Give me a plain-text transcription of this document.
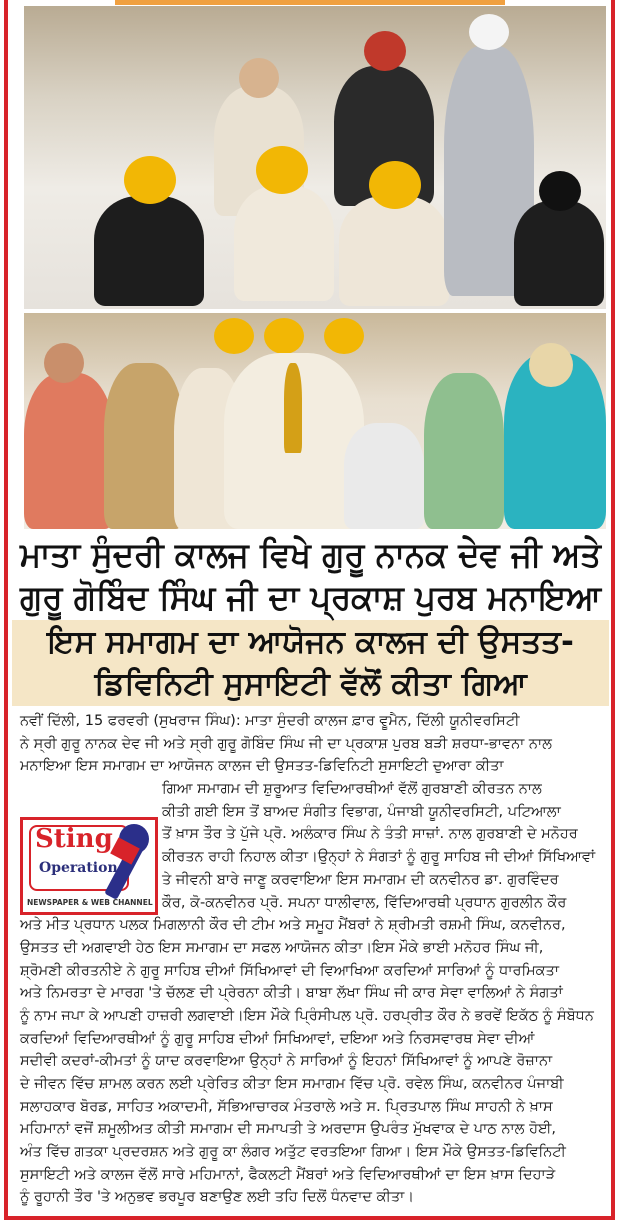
ਮਾਤਾ ਸੁੰਦਰੀ ਕਾਲਜ ਵਿਖੇ ਗੁਰੂ ਨਾਨਕ ਦੇਵ ਜੀ ਅਤੇ
ਗੁਰੂ ਗੋਬਿੰਦ ਸਿੰਘ ਜੀ ਦਾ ਪ੍ਰਕਾਸ਼ ਪੁਰਬ ਮਨਾਇਆ
ਇਸ ਸਮਾਗਮ ਦਾ ਆਯੋਜਨ ਕਾਲਜ ਦੀ ਉਸਤਤ-
ਡਿਵਿਨਿਟੀ ਸੁਸਾਇਟੀ ਵੱਲੋਂ ਕੀਤਾ ਗਿਆ
ਨਵੀਂ ਦਿੱਲੀ, 15 ਫਰਵਰੀ (ਸੁਖਰਾਜ ਸਿੰਘ): ਮਾਤਾ ਸੁੰਦਰੀ ਕਾਲਜ ਫ਼ਾਰ ਵੂਮੈਨ, ਦਿੱਲੀ ਯੂਨੀਵਰਸਿਟੀ
ਨੇ ਸ੍ਰੀ ਗੁਰੂ ਨਾਨਕ ਦੇਵ ਜੀ ਅਤੇ ਸ੍ਰੀ ਗੁਰੂ ਗੋਬਿੰਦ ਸਿੰਘ ਜੀ ਦਾ ਪ੍ਰਕਾਸ਼ ਪੁਰਬ ਬੜੀ ਸ਼ਰਧਾ-ਭਾਵਨਾ ਨਾਲ
ਮਨਾਇਆ ਇਸ ਸਮਾਗਮ ਦਾ ਆਯੋਜਨ ਕਾਲਜ ਦੀ ਉਸਤਤ-ਡਿਵਿਨਿਟੀ ਸੁਸਾਇਟੀ ਦੁਆਰਾ ਕੀਤਾ
ਗਿਆ ਸਮਾਗਮ ਦੀ ਸ਼ੁਰੂਆਤ ਵਿਦਿਆਰਥੀਆਂ ਵੱਲੋਂ ਗੁਰਬਾਣੀ ਕੀਰਤਨ ਨਾਲ
ਕੀਤੀ ਗਈ ਇਸ ਤੋਂ ਬਾਅਦ ਸੰਗੀਤ ਵਿਭਾਗ, ਪੰਜਾਬੀ ਯੂਨੀਵਰਸਿਟੀ, ਪਟਿਆਲਾ
ਤੋਂ ਖ਼ਾਸ ਤੌਰ ਤੇ ਪੁੱਜੇ ਪ੍ਰੋ. ਅਲੰਕਾਰ ਸਿੰਘ ਨੇ ਤੰਤੀ ਸਾਜ਼ਾਂ. ਨਾਲ ਗੁਰਬਾਣੀ ਦੇ ਮਨੋਹਰ
ਕੀਰਤਨ ਰਾਹੀ ਨਿਹਾਲ ਕੀਤਾ।ਉਨ੍ਹਾਂ ਨੇ ਸੰਗਤਾਂ ਨੂੰ ਗੁਰੂ ਸਾਹਿਬ ਜੀ ਦੀਆਂ ਸਿੱਖਿਆਵਾਂ
ਤੇ ਜੀਵਨੀ ਬਾਰੇ ਜਾਣੂ ਕਰਵਾਇਆ ਇਸ ਸਮਾਗਮ ਦੀ ਕਨਵੀਨਰ ਡਾ. ਗੁਰਵਿੰਦਰ
ਕੌਰ, ਕੋ-ਕਨਵੀਨਰ ਪ੍ਰੋ. ਸਪਨਾ ਧਾਲੀਵਾਲ, ਵਿੱਦਿਆਰਥੀ ਪ੍ਰਧਾਨ ਗੁਰਲੀਨ ਕੌਰ
ਅਤੇ ਮੀਤ ਪ੍ਰਧਾਨ ਪਲਕ ਮਿਗਲਾਨੀ ਕੌਰ ਦੀ ਟੀਮ ਅਤੇ ਸਮੂਹ ਮੈਂਬਰਾਂ ਨੇ ਸ਼੍ਰੀਮਤੀ ਰਸ਼ਮੀ ਸਿੰਘ, ਕਨਵੀਨਰ,
ਉਸਤਤ ਦੀ ਅਗਵਾਈ ਹੇਠ ਇਸ ਸਮਾਗਮ ਦਾ ਸਫਲ ਆਯੋਜਨ ਕੀਤਾ।ਇਸ ਮੌਕੇ ਭਾਈ ਮਨੋਹਰ ਸਿੰਘ ਜੀ,
ਸ਼੍ਰੋਮਣੀ ਕੀਰਤਨੀਏ ਨੇ ਗੁਰੂ ਸਾਹਿਬ ਦੀਆਂ ਸਿੱਖਿਆਵਾਂ ਦੀ ਵਿਆਖਿਆ ਕਰਦਿਆਂ ਸਾਰਿਆਂ ਨੂੰ ਧਾਰਮਿਕਤਾ
ਅਤੇ ਨਿਮਰਤਾ ਦੇ ਮਾਰਗ 'ਤੇ ਚੱਲਣ ਦੀ ਪ੍ਰੇਰਨਾ ਕੀਤੀ। ਬਾਬਾ ਲੱਖਾ ਸਿੰਘ ਜੀ ਕਾਰ ਸੇਵਾ ਵਾਲਿਆਂ ਨੇ ਸੰਗਤਾਂ
ਨੂੰ ਨਾਮ ਜਪਾ ਕੇ ਆਪਣੀ ਹਾਜ਼ਰੀ ਲਗਵਾਈ।ਇਸ ਮੌਕੇ ਪ੍ਰਿੰਸੀਪਲ ਪ੍ਰੋ. ਹਰਪ੍ਰੀਤ ਕੌਰ ਨੇ ਭਰਵੇਂ ਇਕੱਠ ਨੂੰ ਸੰਬੋਧਨ
ਕਰਦਿਆਂ ਵਿਦਿਆਰਥੀਆਂ ਨੂੰ ਗੁਰੂ ਸਾਹਿਬ ਦੀਆਂ ਸਿਖਿਆਵਾਂ, ਦਇਆ ਅਤੇ ਨਿਰਸਵਾਰਥ ਸੇਵਾ ਦੀਆਂ
ਸਦੀਵੀ ਕਦਰਾਂ-ਕੀਮਤਾਂ ਨੂੰ ਯਾਦ ਕਰਵਾਇਆ ਉਨ੍ਹਾਂ ਨੇ ਸਾਰਿਆਂ ਨੂੰ ਇਹਨਾਂ ਸਿੱਖਿਆਵਾਂ ਨੂੰ ਆਪਣੇ ਰੋਜ਼ਾਨਾ
ਦੇ ਜੀਵਨ ਵਿੱਚ ਸ਼ਾਮਲ ਕਰਨ ਲਈ ਪ੍ਰੇਰਿਤ ਕੀਤਾ ਇਸ ਸਮਾਗਮ ਵਿੱਚ ਪ੍ਰੋ. ਰਵੇਲ ਸਿੰਘ, ਕਨਵੀਨਰ ਪੰਜਾਬੀ
ਸਲਾਹਕਾਰ ਬੋਰਡ, ਸਾਹਿਤ ਅਕਾਦਮੀ, ਸੱਭਿਆਚਾਰਕ ਮੰਤਰਾਲੇ ਅਤੇ ਸ. ਪ੍ਰਿਤਪਾਲ ਸਿੰਘ ਸਾਹਨੀ ਨੇ ਖ਼ਾਸ
ਮਹਿਮਾਨਾਂ ਵਜੋਂ ਸ਼ਮੂਲੀਅਤ ਕੀਤੀ ਸਮਾਗਮ ਦੀ ਸਮਾਪਤੀ ਤੇ ਅਰਦਾਸ ਉਪਰੰਤ ਮੁੱਖਵਾਕ ਦੇ ਪਾਠ ਨਾਲ ਹੋਈ,
ਅੰਤ ਵਿੱਚ ਗਤਕਾ ਪ੍ਰਦਰਸ਼ਨ ਅਤੇ ਗੁਰੂ ਕਾ ਲੰਗਰ ਅਤੁੱਟ ਵਰਤਇਆ ਗਿਆ। ਇਸ ਮੌਕੇ ਉਸਤਤ-ਡਿਵਿਨਿਟੀ
ਸੁਸਾਇਟੀ ਅਤੇ ਕਾਲਜ ਵੱਲੋਂ ਸਾਰੇ ਮਹਿਮਾਨਾਂ, ਫੈਕਲਟੀ ਮੈਂਬਰਾਂ ਅਤੇ ਵਿਦਿਆਰਥੀਆਂ ਦਾ ਇਸ ਖ਼ਾਸ ਦਿਹਾੜੇ
ਨੂੰ ਰੂਹਾਨੀ ਤੌਰ 'ਤੇ ਅਨੁਭਵ ਭਰਪੂਰ ਬਣਾਉਣ ਲਈ ਤਹਿ ਦਿਲੋਂ ਧੰਨਵਾਦ ਕੀਤਾ।
Sting
Operation
NEWSPAPER & WEB CHANNEL
